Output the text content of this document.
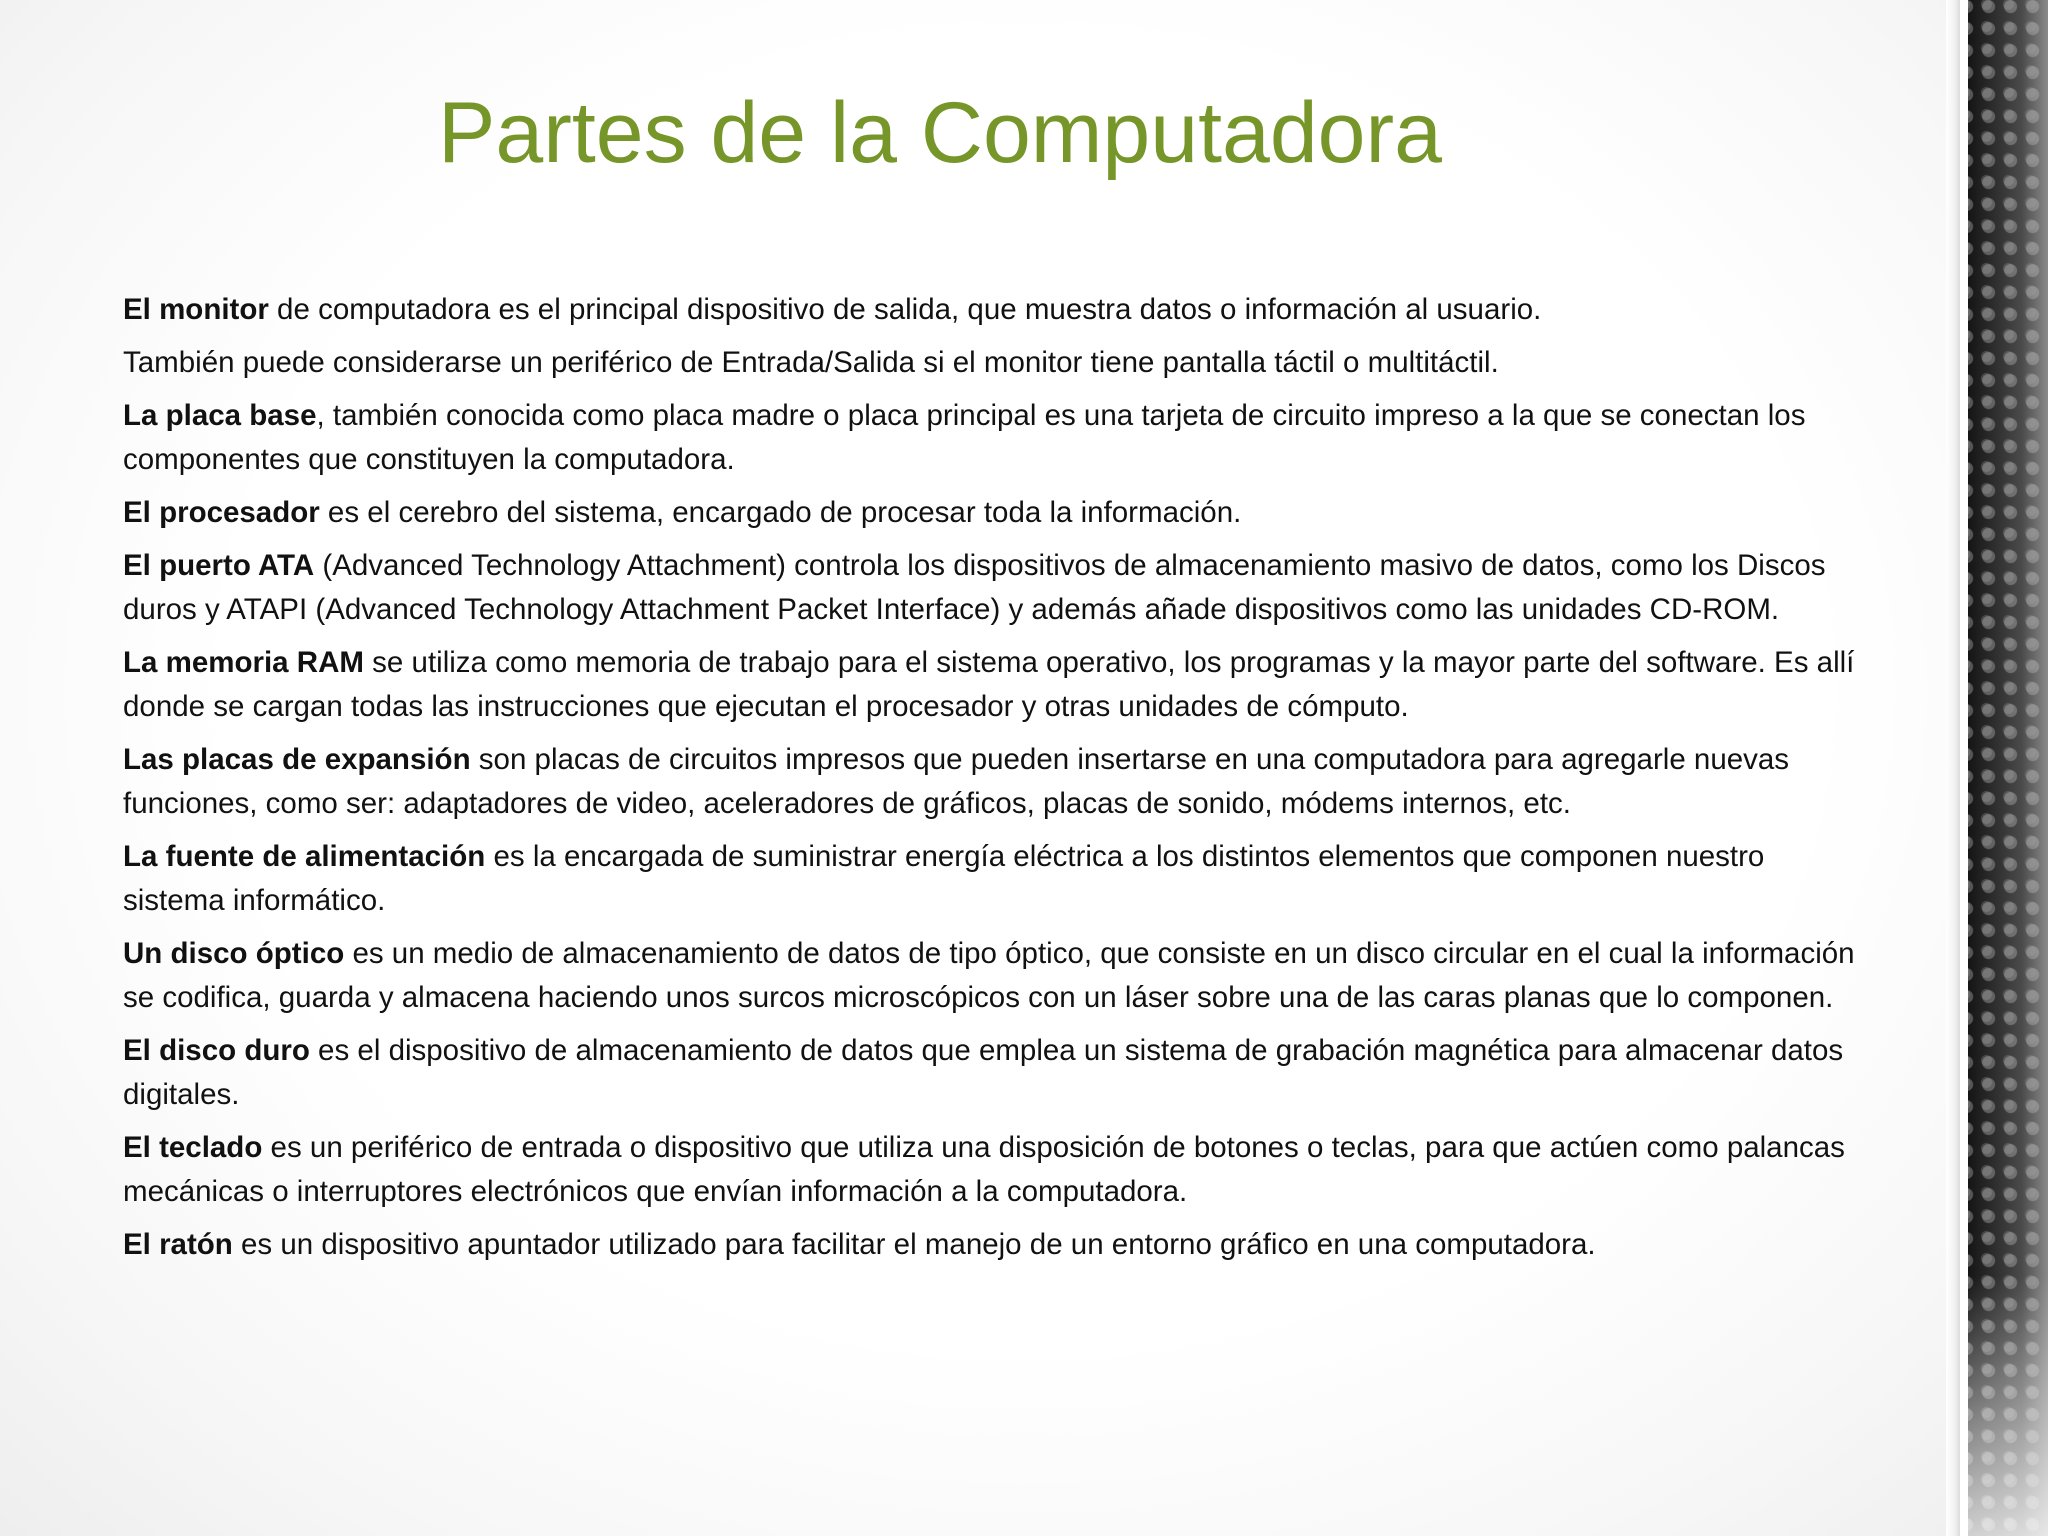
Partes de la Computadora
El monitor de computadora es el principal dispositivo de salida, que muestra datos o información al usuario.
También puede considerarse un periférico de Entrada/Salida si el monitor tiene pantalla táctil o multitáctil.
La placa base, también conocida como placa madre o placa principal es una tarjeta de circuito impreso a la que se conectan los componentes que constituyen la computadora.
El procesador es el cerebro del sistema, encargado de procesar toda la información.
El puerto ATA (Advanced Technology Attachment) controla los dispositivos de almacenamiento masivo de datos, como los Discos duros y ATAPI (Advanced Technology Attachment Packet Interface) y además añade dispositivos como las unidades CD-ROM.
La memoria RAM se utiliza como memoria de trabajo para el sistema operativo, los programas y la mayor parte del software. Es allí donde se cargan todas las instrucciones que ejecutan el procesador y otras unidades de cómputo.
Las placas de expansión son placas de circuitos impresos que pueden insertarse en una computadora para agregarle nuevas funciones, como ser: adaptadores de video, aceleradores de gráficos, placas de sonido, módems internos, etc.
La fuente de alimentación es la encargada de suministrar energía eléctrica a los distintos elementos que componen nuestro sistema informático.
Un disco óptico es un medio de almacenamiento de datos de tipo óptico, que consiste en un disco circular en el cual la información se codifica, guarda y almacena haciendo unos surcos microscópicos con un láser sobre una de las caras planas que lo componen.
El disco duro es el dispositivo de almacenamiento de datos que emplea un sistema de grabación magnética para almacenar datos digitales.
El teclado es un periférico de entrada o dispositivo que utiliza una disposición de botones o teclas, para que actúen como palancas mecánicas o interruptores electrónicos que envían información a la computadora.
El ratón es un dispositivo apuntador utilizado para facilitar el manejo de un entorno gráfico en una computadora.
